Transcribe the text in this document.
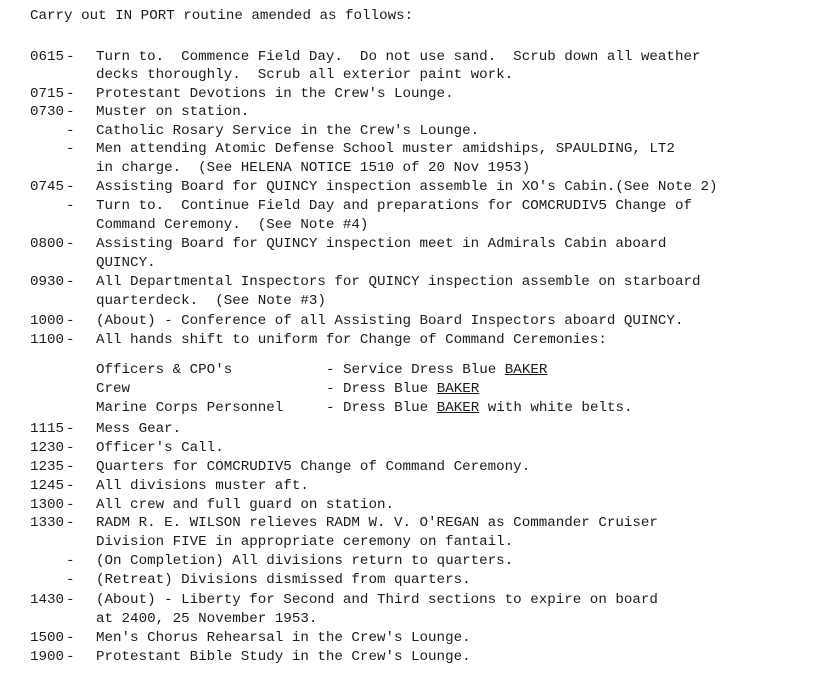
Carry out IN PORT routine amended as follows:
0615 - Turn to.  Commence Field Day.  Do not use sand.  Scrub down all weather
decks thoroughly.  Scrub all exterior paint work.
0715 - Protestant Devotions in the Crew's Lounge.
0730 - Muster on station.
- Catholic Rosary Service in the Crew's Lounge.
- Men attending Atomic Defense School muster amidships, SPAULDING, LT2
in charge.  (See HELENA NOTICE 1510 of 20 Nov 1953)
0745 - Assisting Board for QUINCY inspection assemble in XO's Cabin.(See Note 2)
- Turn to.  Continue Field Day and preparations for COMCRUDIV5 Change of
Command Ceremony.  (See Note #4)
0800 - Assisting Board for QUINCY inspection meet in Admirals Cabin aboard
QUINCY.
0930 - All Departmental Inspectors for QUINCY inspection assemble on starboard
quarterdeck.  (See Note #3)
1000 - (About) - Conference of all Assisting Board Inspectors aboard QUINCY.
1100 - All hands shift to uniform for Change of Command Ceremonies:
Officers & CPO's	- Service Dress Blue BAKER
Crew	- Dress Blue BAKER
Marine Corps Personnel	- Dress Blue BAKER with white belts.
1115 - Mess Gear.
1230 - Officer's Call.
1235 - Quarters for COMCRUDIV5 Change of Command Ceremony.
1245 - All divisions muster aft.
1300 - All crew and full guard on station.
1330 - RADM R. E. WILSON relieves RADM W. V. O'REGAN as Commander Cruiser
Division FIVE in appropriate ceremony on fantail.
- (On Completion) All divisions return to quarters.
- (Retreat) Divisions dismissed from quarters.
1430 - (About) - Liberty for Second and Third sections to expire on board
at 2400, 25 November 1953.
1500 - Men's Chorus Rehearsal in the Crew's Lounge.
1900 - Protestant Bible Study in the Crew's Lounge.
